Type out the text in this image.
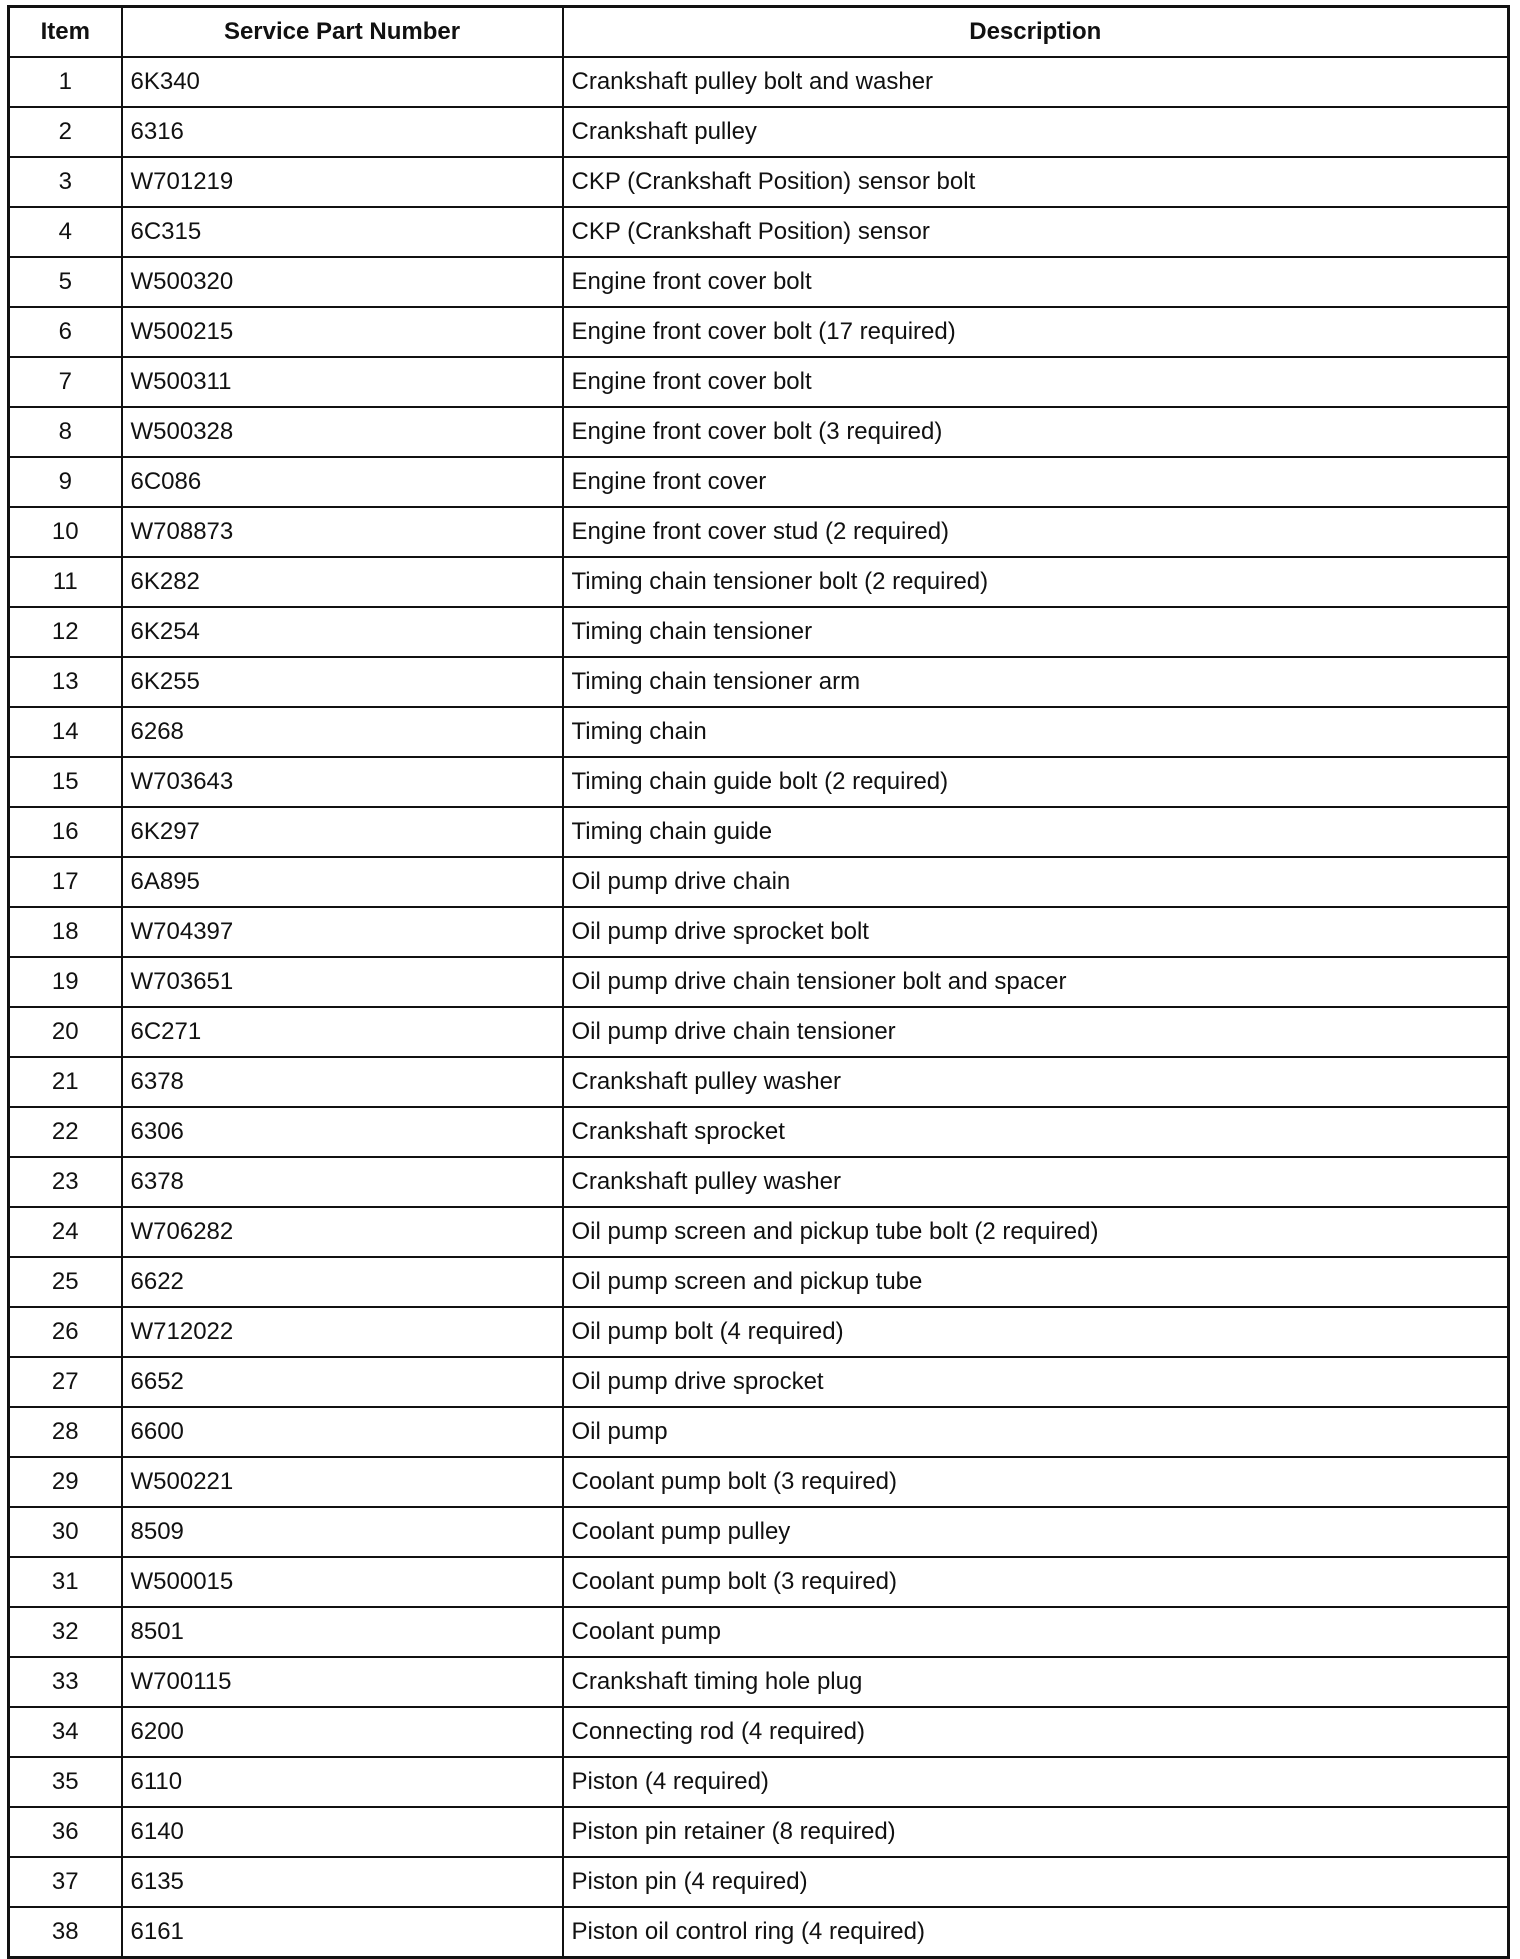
Item	Service Part Number	Description
1	6K340	Crankshaft pulley bolt and washer
2	6316	Crankshaft pulley
3	W701219	CKP (Crankshaft Position) sensor bolt
4	6C315	CKP (Crankshaft Position) sensor
5	W500320	Engine front cover bolt
6	W500215	Engine front cover bolt (17 required)
7	W500311	Engine front cover bolt
8	W500328	Engine front cover bolt (3 required)
9	6C086	Engine front cover
10	W708873	Engine front cover stud (2 required)
11	6K282	Timing chain tensioner bolt (2 required)
12	6K254	Timing chain tensioner
13	6K255	Timing chain tensioner arm
14	6268	Timing chain
15	W703643	Timing chain guide bolt (2 required)
16	6K297	Timing chain guide
17	6A895	Oil pump drive chain
18	W704397	Oil pump drive sprocket bolt
19	W703651	Oil pump drive chain tensioner bolt and spacer
20	6C271	Oil pump drive chain tensioner
21	6378	Crankshaft pulley washer
22	6306	Crankshaft sprocket
23	6378	Crankshaft pulley washer
24	W706282	Oil pump screen and pickup tube bolt (2 required)
25	6622	Oil pump screen and pickup tube
26	W712022	Oil pump bolt (4 required)
27	6652	Oil pump drive sprocket
28	6600	Oil pump
29	W500221	Coolant pump bolt (3 required)
30	8509	Coolant pump pulley
31	W500015	Coolant pump bolt (3 required)
32	8501	Coolant pump
33	W700115	Crankshaft timing hole plug
34	6200	Connecting rod (4 required)
35	6110	Piston (4 required)
36	6140	Piston pin retainer (8 required)
37	6135	Piston pin (4 required)
38	6161	Piston oil control ring (4 required)
